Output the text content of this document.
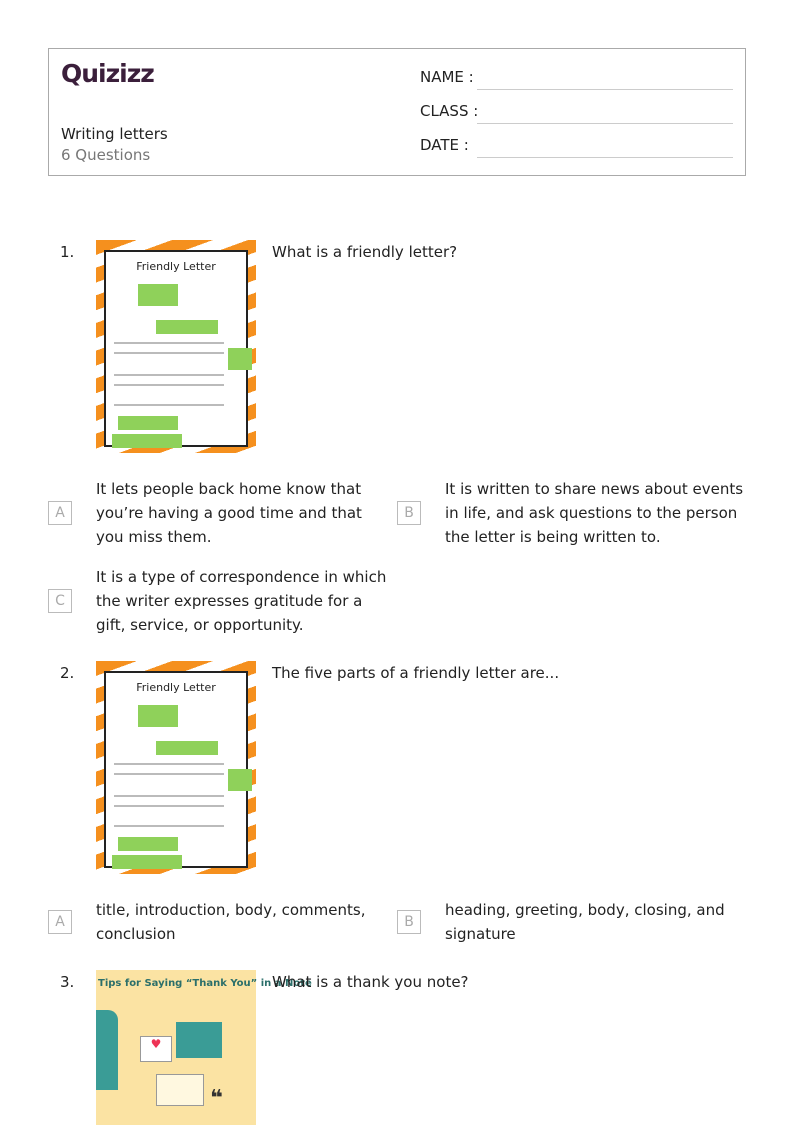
Quizizz
Writing letters
6 Questions
NAME :
CLASS :
DATE :
1.
Friendly Letter
What is a friendly letter?
A
It lets people back home know that you’re having a good time and that you miss them.
B
It is written to share news about events in life, and ask questions to the person the letter is being written to.
C
It is a type of correspondence in which the writer expresses gratitude for a gift, service, or opportunity.
2.
Friendly Letter
The five parts of a friendly letter are...
A
title, introduction, body, comments, conclusion
B
heading, greeting, body, closing, and signature
3. Tips for Saying “Thank You” in a Note
♥
❝
What is a thank you note?
